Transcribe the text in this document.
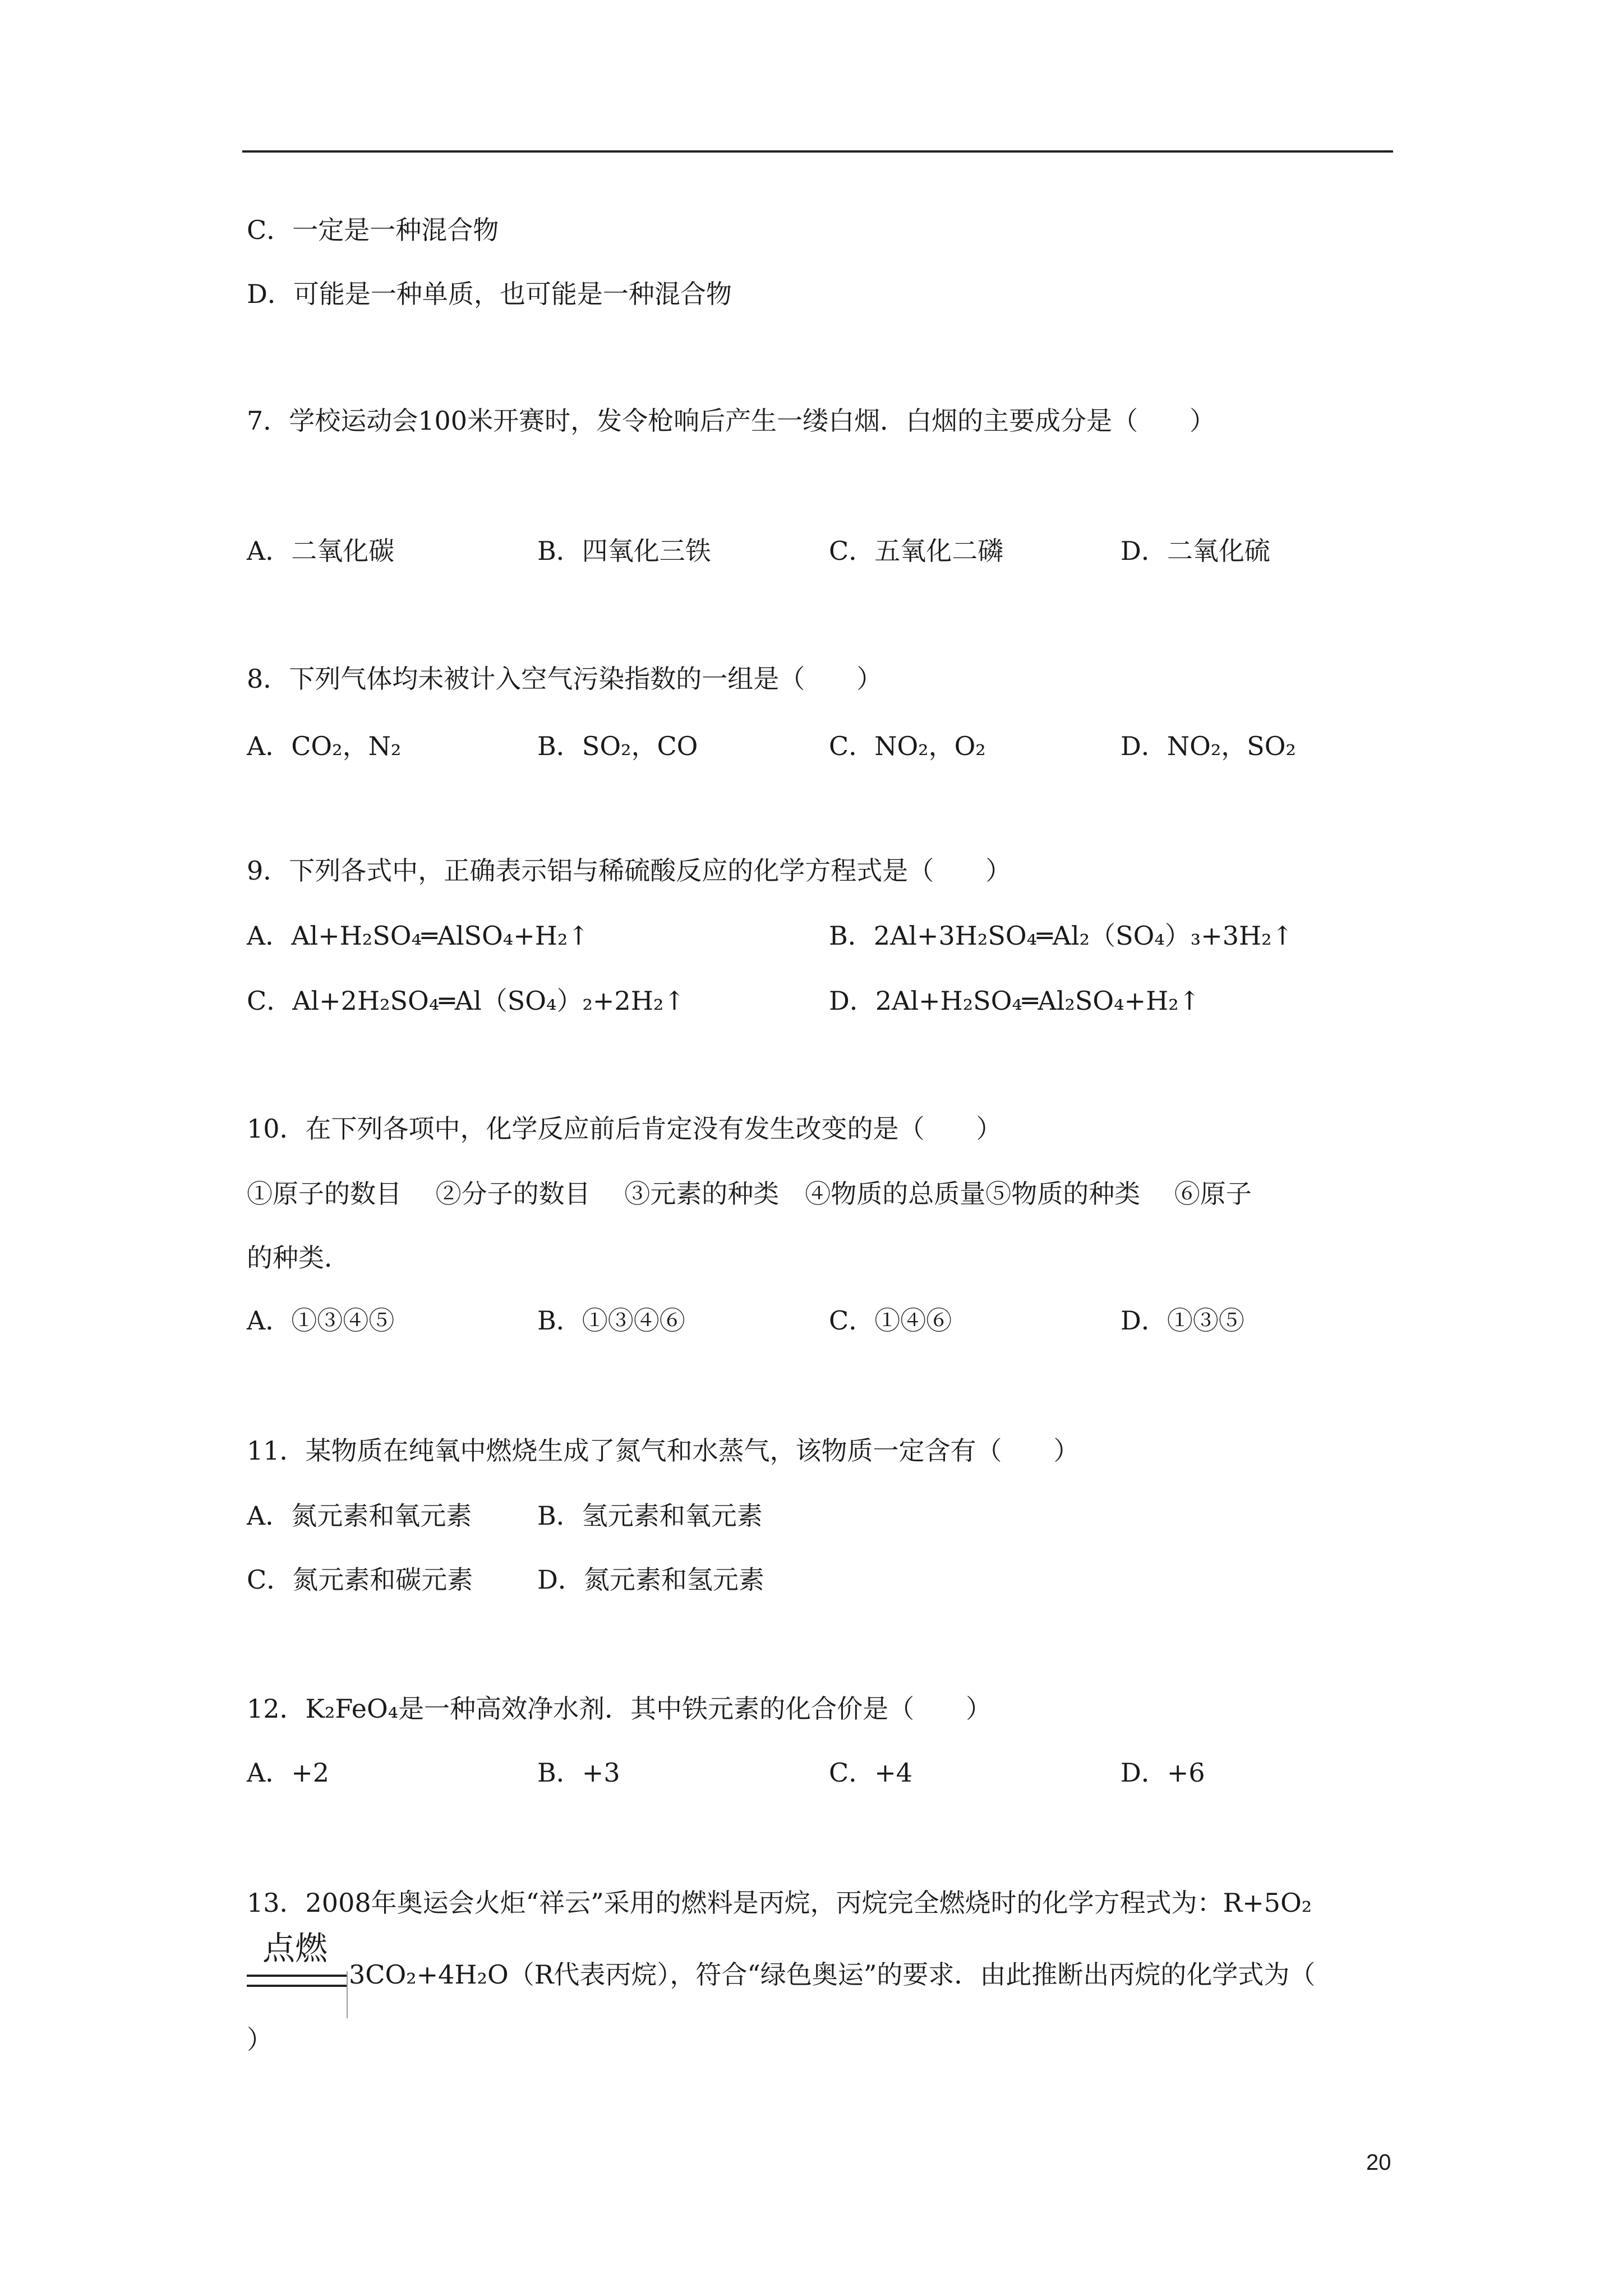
C．一定是一种混合物
D．可能是一种单质，也可能是一种混合物
7．学校运动会100米开赛时，发令枪响后产生一缕白烟．白烟的主要成分是（　　）
A．二氧化碳	B．四氧化三铁	C．五氧化二磷	D．二氧化硫
8．下列气体均未被计入空气污染指数的一组是（　　）
A．CO₂，N₂	B．SO₂，CO	C．NO₂，O₂	D．NO₂，SO₂
9．下列各式中，正确表示铝与稀硫酸反应的化学方程式是（　　）
A．Al+H₂SO₄═AlSO₄+H₂↑	B．2Al+3H₂SO₄═Al₂（SO₄）₃+3H₂↑
C．Al+2H₂SO₄═Al（SO₄）₂+2H₂↑	D．2Al+H₂SO₄═Al₂SO₄+H₂↑
10．在下列各项中，化学反应前后肯定没有发生改变的是（　　）
①原子的数目　 ②分子的数目　 ③元素的种类　④物质的总质量⑤物质的种类　 ⑥原子
的种类．
A．①③④⑤	B．①③④⑥	C．①④⑥	D．①③⑤
11．某物质在纯氧中燃烧生成了氮气和水蒸气，该物质一定含有（　　）
A．氮元素和氧元素	B．氢元素和氧元素
C．氮元素和碳元素 D．氮元素和氢元素
12．K₂FeO₄是一种高效净水剂．其中铁元素的化合价是（　　）
A．+2	B．+3	C．+4	D．+6
13．2008年奥运会火炬“祥云”采用的燃料是丙烷，丙烷完全燃烧时的化学方程式为：R+5O₂
点燃
3CO₂+4H₂O（R代表丙烷），符合“绿色奥运”的要求．由此推断出丙烷的化学式为（
）
20
